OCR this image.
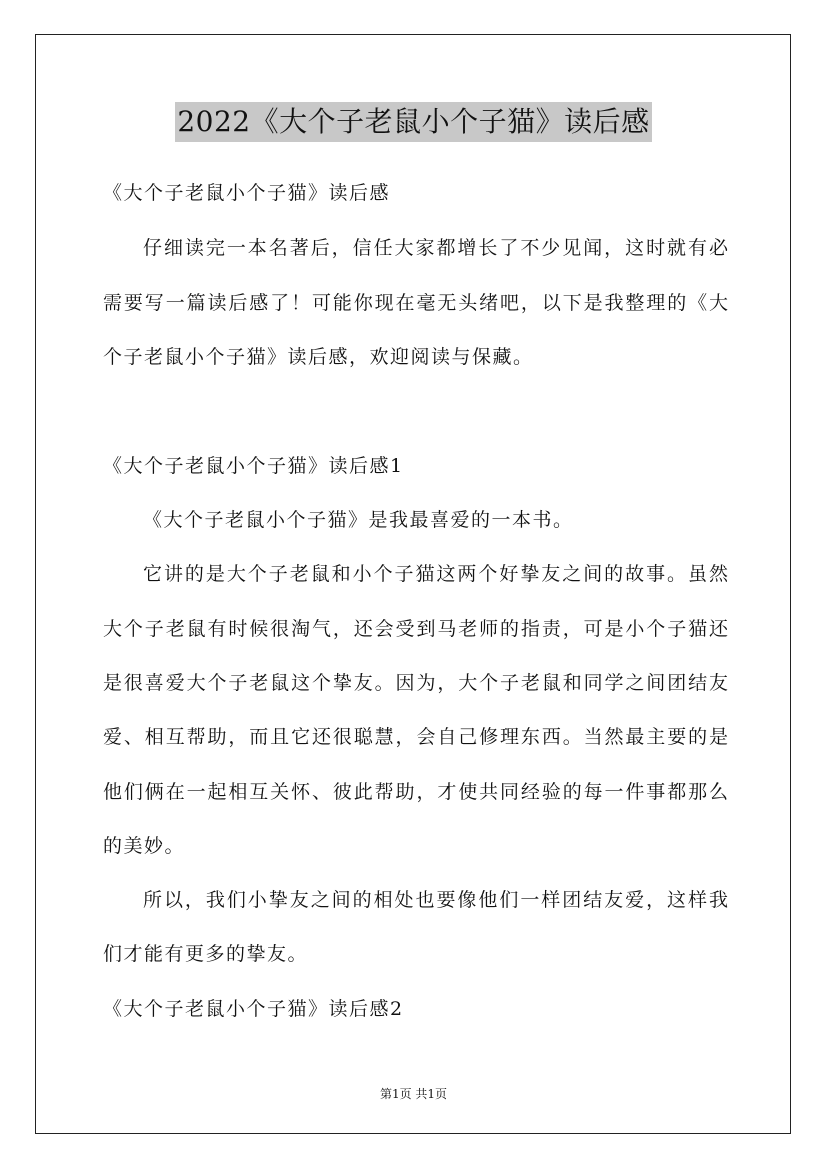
2022《大个子老鼠小个子猫》读后感
《大个子老鼠小个子猫》读后感
仔细读完一本名著后，信任大家都增长了不少见闻，这时就有必
需要写一篇读后感了！可能你现在毫无头绪吧，以下是我整理的《大
个子老鼠小个子猫》读后感，欢迎阅读与保藏。
《大个子老鼠小个子猫》读后感1
《大个子老鼠小个子猫》是我最喜爱的一本书。
它讲的是大个子老鼠和小个子猫这两个好挚友之间的故事。虽然
大个子老鼠有时候很淘气，还会受到马老师的指责，可是小个子猫还
是很喜爱大个子老鼠这个挚友。因为，大个子老鼠和同学之间团结友
爱、相互帮助，而且它还很聪慧，会自己修理东西。当然最主要的是
他们俩在一起相互关怀、彼此帮助，才使共同经验的每一件事都那么
的美妙。
所以，我们小挚友之间的相处也要像他们一样团结友爱，这样我
们才能有更多的挚友。
《大个子老鼠小个子猫》读后感2
第1页 共1页
